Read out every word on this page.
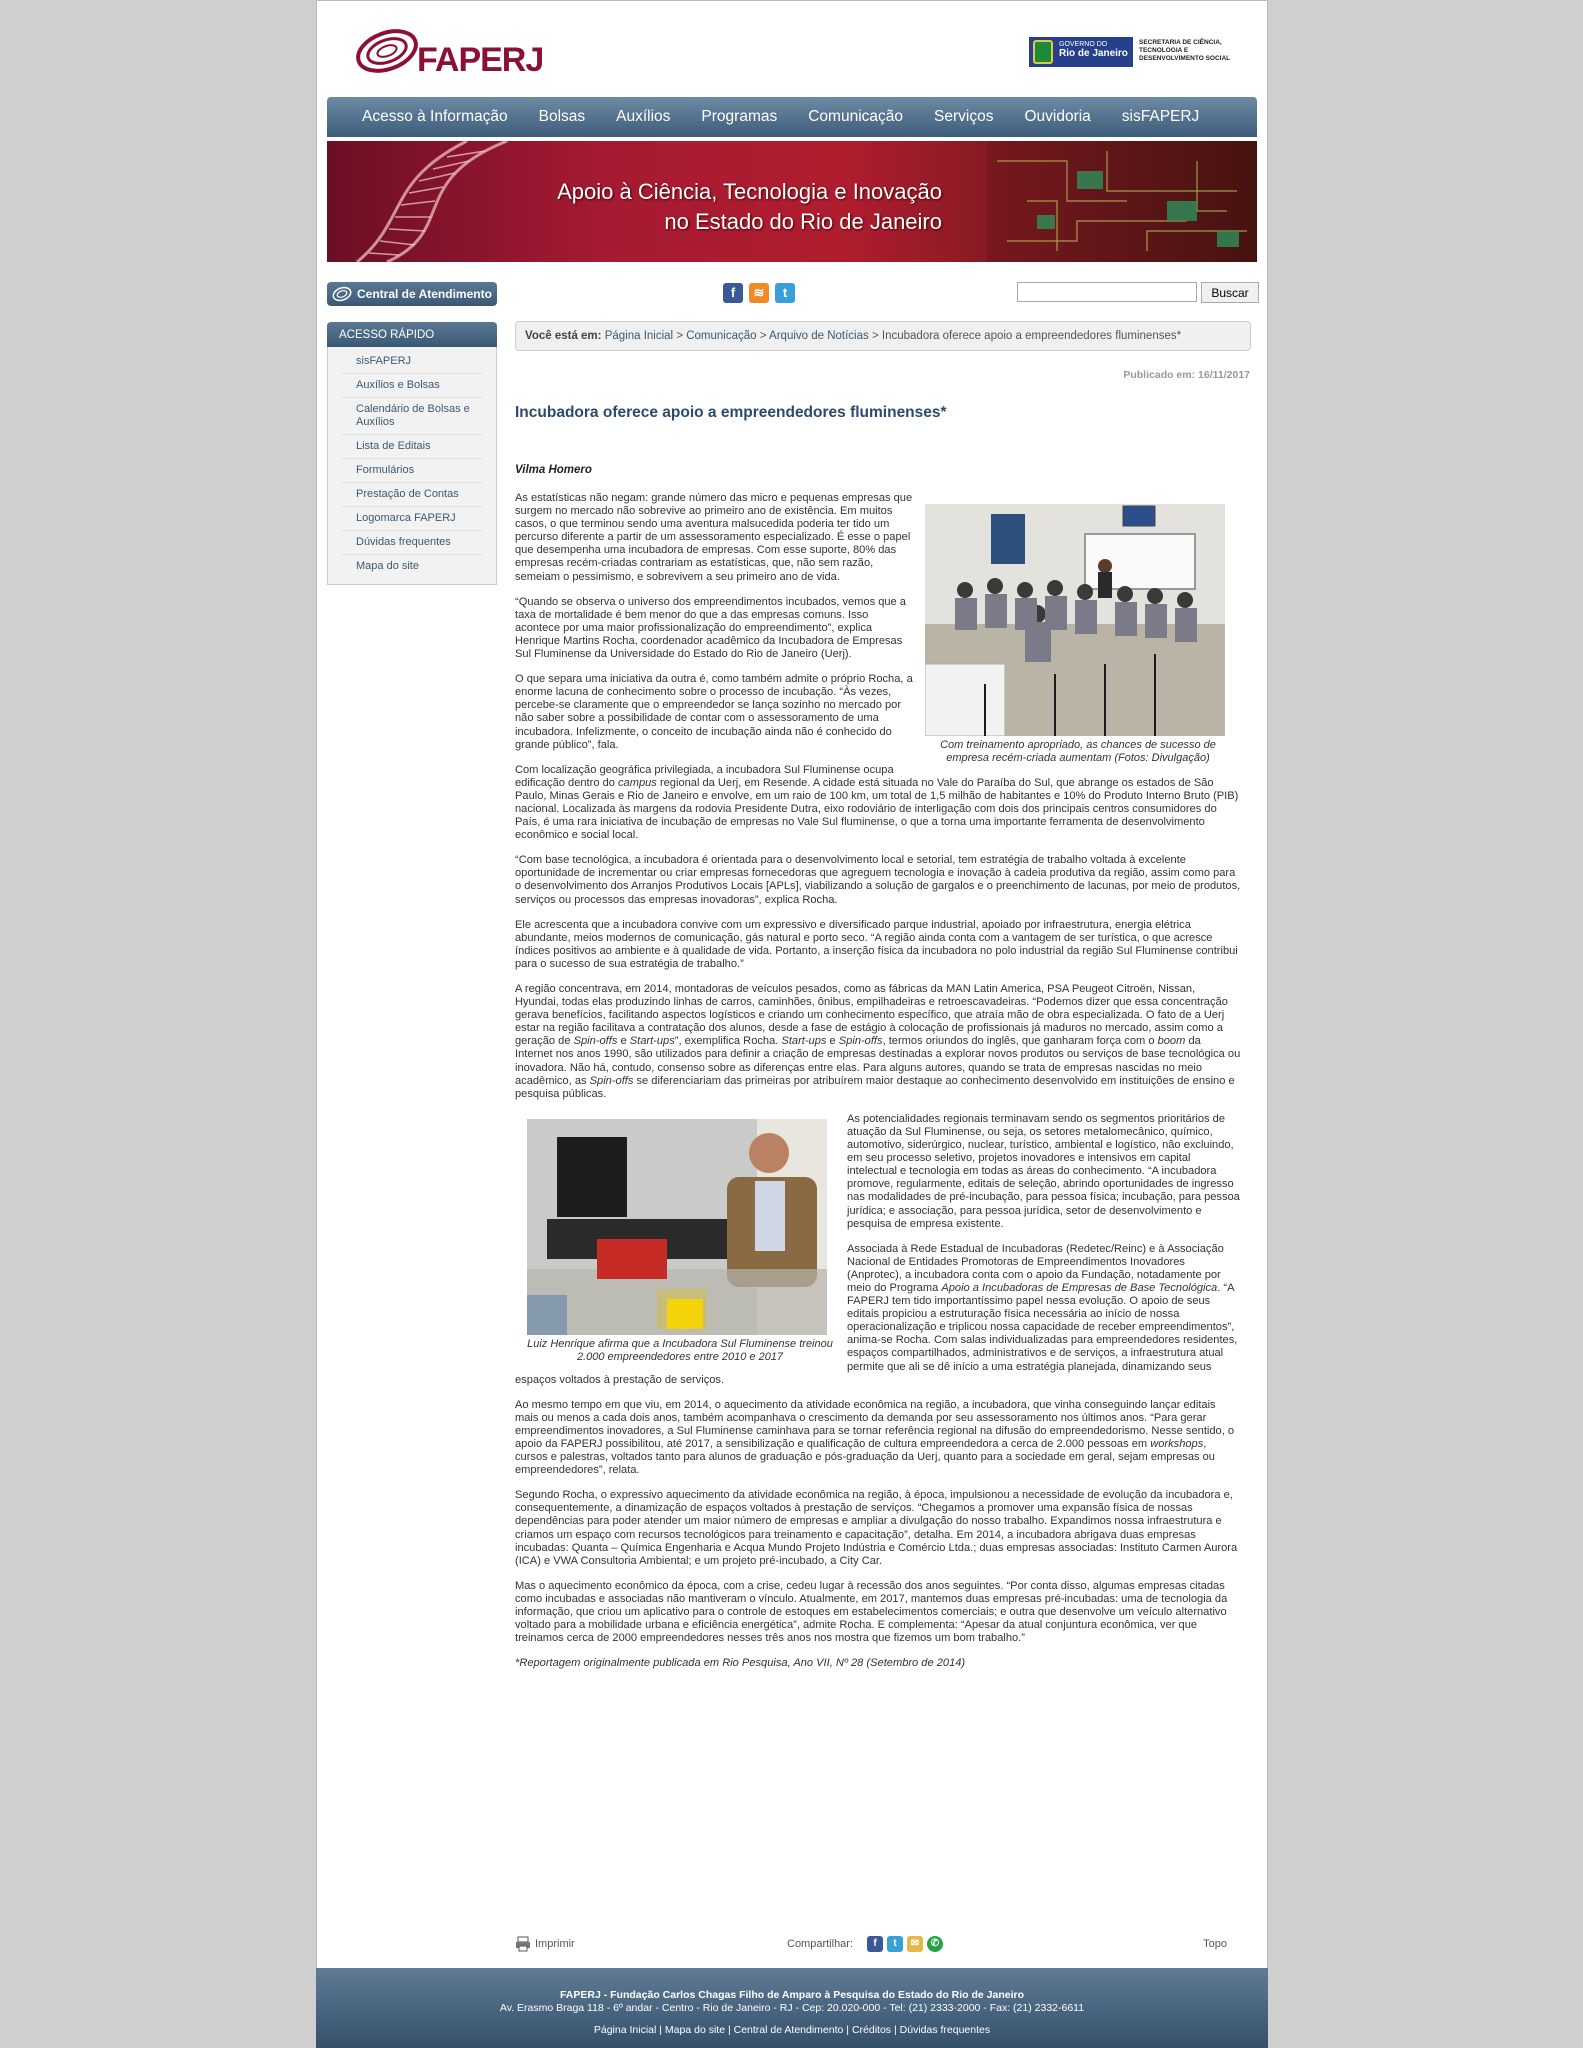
FAPERJ	GOVERNO DO
Rio de Janeiro
SECRETARIA DE CIÊNCIA, TECNOLOGIA E DESENVOLVIMENTO SOCIAL
Acesso à Informação Bolsas Auxílios Programas Comunicação Serviços Ouvidoria sisFAPERJ
Apoio à Ciência, Tecnologia e Inovação
no Estado do Rio de Janeiro
Central de Atendimento	f	≋	t	Buscar
ACESSO RÁPIDO
sisFAPERJ
Auxílios e Bolsas
Calendário de Bolsas e Auxílios
Lista de Editais
Formulários
Prestação de Contas
Logomarca FAPERJ
Dúvidas frequentes
Mapa do site
Você está em: Página Inicial > Comunicação > Arquivo de Notícias > Incubadora oferece apoio a empreendedores fluminenses*
Publicado em: 16/11/2017
Incubadora oferece apoio a empreendedores fluminenses*
Vilma Homero
Com treinamento apropriado, as chances de sucesso de empresa recém-criada aumentam (Fotos: Divulgação)

As estatísticas não negam: grande número das micro e pequenas empresas que surgem no mercado não sobrevive ao primeiro ano de existência. Em muitos casos, o que terminou sendo uma aventura malsucedida poderia ter tido um percurso diferente a partir de um assessoramento especializado. É esse o papel que desempenha uma incubadora de empresas. Com esse suporte, 80% das empresas recém-criadas contrariam as estatísticas, que, não sem razão, semeiam o pessimismo, e sobrevivem a seu primeiro ano de vida.

“Quando se observa o universo dos empreendimentos incubados, vemos que a taxa de mortalidade é bem menor do que a das empresas comuns. Isso acontece por uma maior profissionalização do empreendimento”, explica Henrique Martins Rocha, coordenador acadêmico da Incubadora de Empresas Sul Fluminense da Universidade do Estado do Rio de Janeiro (Uerj).

O que separa uma iniciativa da outra é, como também admite o próprio Rocha, a enorme lacuna de conhecimento sobre o processo de incubação. “Às vezes, percebe-se claramente que o empreendedor se lança sozinho no mercado por não saber sobre a possibilidade de contar com o assessoramento de uma incubadora. Infelizmente, o conceito de incubação ainda não é conhecido do grande público”, fala.

Com localização geográfica privilegiada, a incubadora Sul Fluminense ocupa edificação dentro do campus regional da Uerj, em Resende. A cidade está situada no Vale do Paraíba do Sul, que abrange os estados de São Paulo, Minas Gerais e Rio de Janeiro e envolve, em um raio de 100 km, um total de 1,5 milhão de habitantes e 10% do Produto Interno Bruto (PIB) nacional. Localizada às margens da rodovia Presidente Dutra, eixo rodoviário de interligação com dois dos principais centros consumidores do País, é uma rara iniciativa de incubação de empresas no Vale Sul fluminense, o que a torna uma importante ferramenta de desenvolvimento econômico e social local.

“Com base tecnológica, a incubadora é orientada para o desenvolvimento local e setorial, tem estratégia de trabalho voltada à excelente oportunidade de incrementar ou criar empresas fornecedoras que agreguem tecnologia e inovação à cadeia produtiva da região, assim como para o desenvolvimento dos Arranjos Produtivos Locais [APLs], viabilizando a solução de gargalos e o preenchimento de lacunas, por meio de produtos, serviços ou processos das empresas inovadoras”, explica Rocha.

Ele acrescenta que a incubadora convive com um expressivo e diversificado parque industrial, apoiado por infraestrutura, energia elétrica abundante, meios modernos de comunicação, gás natural e porto seco. “A região ainda conta com a vantagem de ser turística, o que acresce índices positivos ao ambiente e à qualidade de vida. Portanto, a inserção física da incubadora no polo industrial da região Sul Fluminense contribui para o sucesso de sua estratégia de trabalho.”

A região concentrava, em 2014, montadoras de veículos pesados, como as fábricas da MAN Latin America, PSA Peugeot Citroën, Nissan, Hyundai, todas elas produzindo linhas de carros, caminhões, ônibus, empilhadeiras e retroescavadeiras. “Podemos dizer que essa concentração gerava benefícios, facilitando aspectos logísticos e criando um conhecimento específico, que atraía mão de obra especializada. O fato de a Uerj estar na região facilitava a contratação dos alunos, desde a fase de estágio à colocação de profissionais já maduros no mercado, assim como a geração de Spin-offs e Start-ups”, exemplifica Rocha. Start-ups e Spin-offs, termos oriundos do inglês, que ganharam força com o boom da Internet nos anos 1990, são utilizados para definir a criação de empresas destinadas a explorar novos produtos ou serviços de base tecnológica ou inovadora. Não há, contudo, consenso sobre as diferenças entre elas. Para alguns autores, quando se trata de empresas nascidas no meio acadêmico, as Spin-offs se diferenciariam das primeiras por atribuírem maior destaque ao conhecimento desenvolvido em instituições de ensino e pesquisa públicas.

Luiz Henrique afirma que a Incubadora Sul Fluminense treinou 2.000 empreendedores entre 2010 e 2017

As potencialidades regionais terminavam sendo os segmentos prioritários de atuação da Sul Fluminense, ou seja, os setores metalomecânico, químico, automotivo, siderúrgico, nuclear, turístico, ambiental e logístico, não excluindo, em seu processo seletivo, projetos inovadores e intensivos em capital intelectual e tecnologia em todas as áreas do conhecimento. “A incubadora promove, regularmente, editais de seleção, abrindo oportunidades de ingresso nas modalidades de pré-incubação, para pessoa física; incubação, para pessoa jurídica; e associação, para pessoa jurídica, setor de desenvolvimento e pesquisa de empresa existente.

Associada à Rede Estadual de Incubadoras (Redetec/Reinc) e à Associação Nacional de Entidades Promotoras de Empreendimentos Inovadores (Anprotec), a incubadora conta com o apoio da Fundação, notadamente por meio do Programa Apoio a Incubadoras de Empresas de Base Tecnológica. “A FAPERJ tem tido importantíssimo papel nessa evolução. O apoio de seus editais propiciou a estruturação física necessária ao início de nossa operacionalização e triplicou nossa capacidade de receber empreendimentos”, anima-se Rocha. Com salas individualizadas para empreendedores residentes, espaços compartilhados, administrativos e de serviços, a infraestrutura atual permite que ali se dê início a uma estratégia planejada, dinamizando seus espaços voltados à prestação de serviços.

Ao mesmo tempo em que viu, em 2014, o aquecimento da atividade econômica na região, a incubadora, que vinha conseguindo lançar editais mais ou menos a cada dois anos, também acompanhava o crescimento da demanda por seu assessoramento nos últimos anos. “Para gerar empreendimentos inovadores, a Sul Fluminense caminhava para se tornar referência regional na difusão do empreendedorismo. Nesse sentido, o apoio da FAPERJ possibilitou, até 2017, a sensibilização e qualificação de cultura empreendedora a cerca de 2.000 pessoas em workshops, cursos e palestras, voltados tanto para alunos de graduação e pós-graduação da Uerj, quanto para a sociedade em geral, sejam empresas ou empreendedores”, relata.

Segundo Rocha, o expressivo aquecimento da atividade econômica na região, à época, impulsionou a necessidade de evolução da incubadora e, consequentemente, a dinamização de espaços voltados à prestação de serviços. “Chegamos a promover uma expansão física de nossas dependências para poder atender um maior número de empresas e ampliar a divulgação do nosso trabalho. Expandimos nossa infraestrutura e criamos um espaço com recursos tecnológicos para treinamento e capacitação”, detalha. Em 2014, a incubadora abrigava duas empresas incubadas: Quanta – Química Engenharia e Acqua Mundo Projeto Indústria e Comércio Ltda.; duas empresas associadas: Instituto Carmen Aurora (ICA) e VWA Consultoria Ambiental; e um projeto pré-incubado, a City Car.

Mas o aquecimento econômico da época, com a crise, cedeu lugar à recessão dos anos seguintes. “Por conta disso, algumas empresas citadas como incubadas e associadas não mantiveram o vínculo. Atualmente, em 2017, mantemos duas empresas pré-incubadas: uma de tecnologia da informação, que criou um aplicativo para o controle de estoques em estabelecimentos comerciais; e outra que desenvolve um veículo alternativo voltado para a mobilidade urbana e eficiência energética”, admite Rocha. E complementa: “Apesar da atual conjuntura econômica, ver que treinamos cerca de 2000 empreendedores nesses três anos nos mostra que fizemos um bom trabalho.”

*Reportagem originalmente publicada em Rio Pesquisa, Ano VII, Nº 28 (Setembro de 2014)

Imprimir	Compartilhar:	f	t	✉	✆	Topo
FAPERJ - Fundação Carlos Chagas Filho de Amparo à Pesquisa do Estado do Rio de Janeiro
Av. Erasmo Braga 118 - 6º andar - Centro - Rio de Janeiro - RJ - Cep: 20.020-000 - Tel: (21) 2333-2000 - Fax: (21) 2332-6611
Página Inicial | Mapa do site | Central de Atendimento | Créditos | Dúvidas frequentes
